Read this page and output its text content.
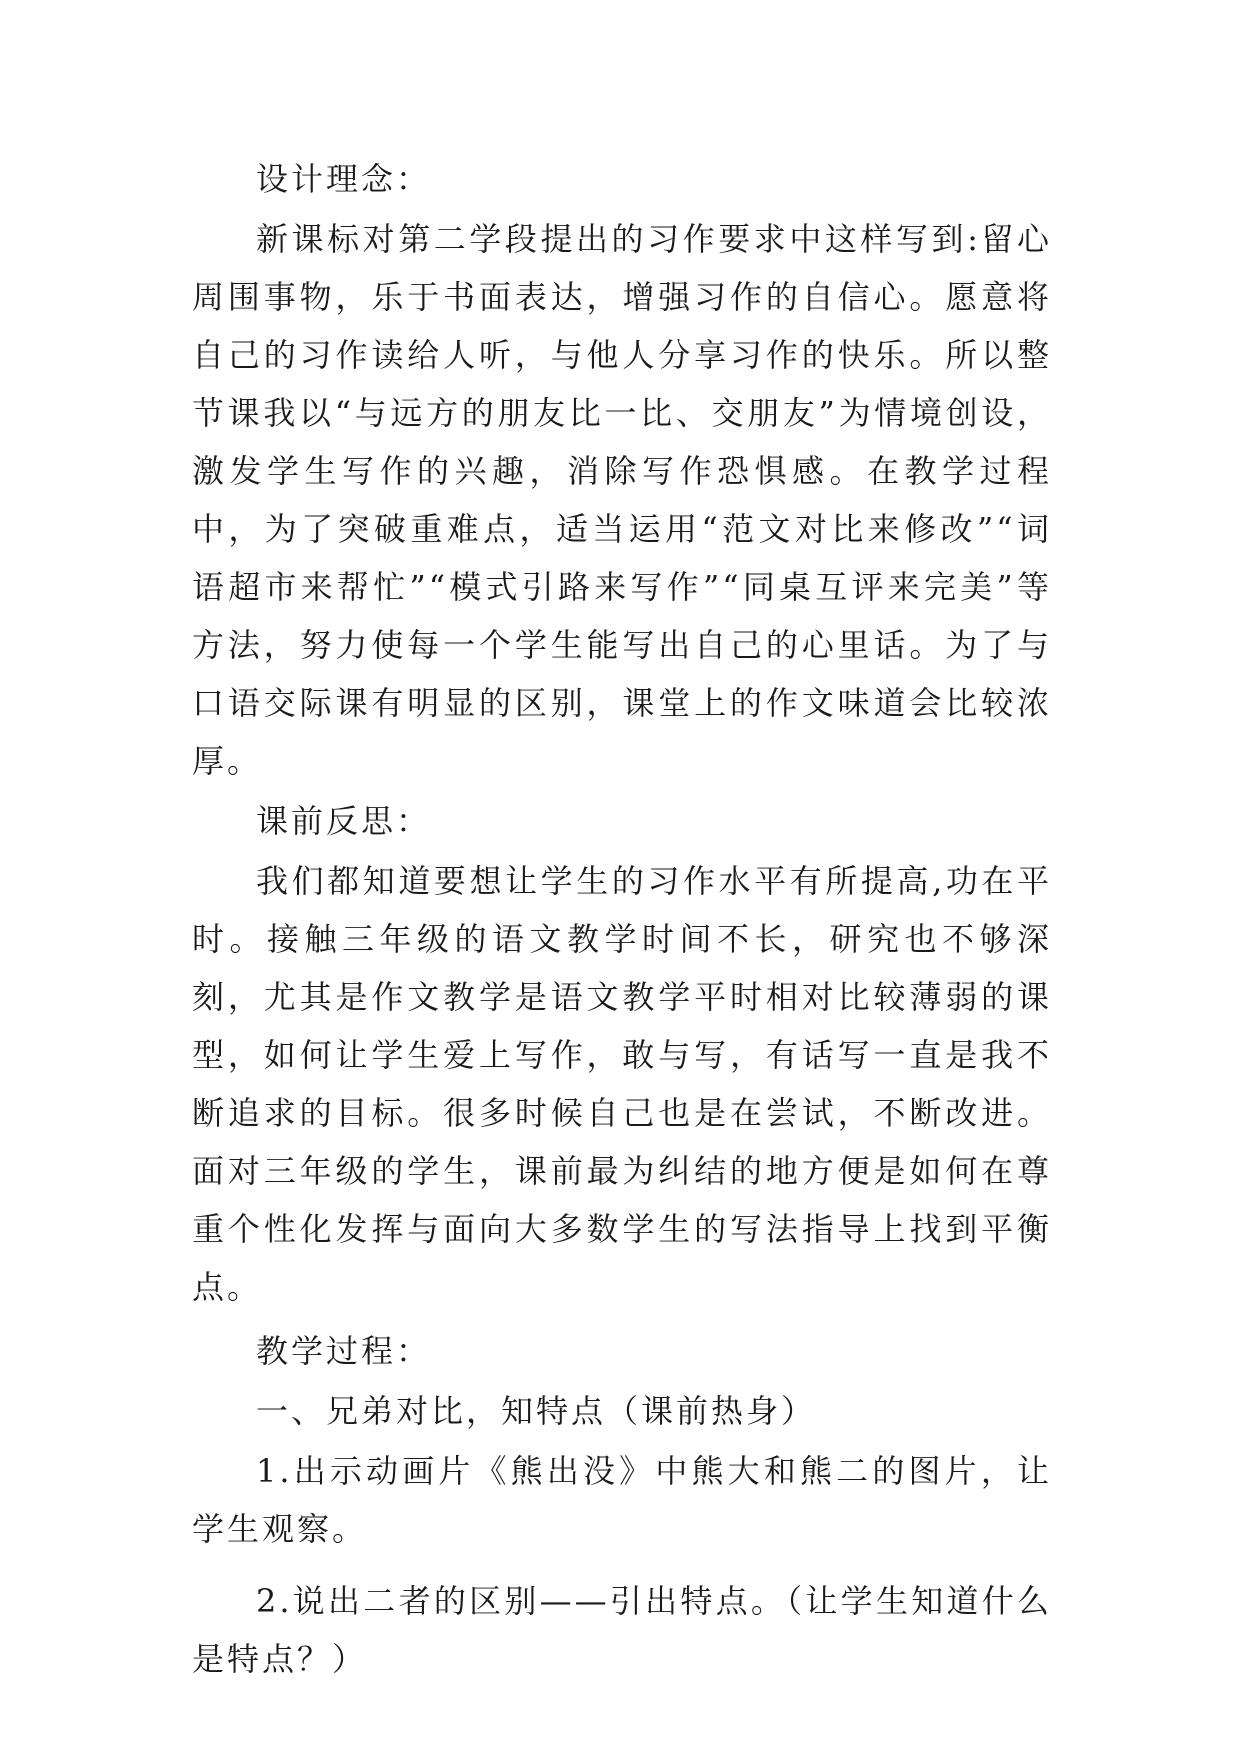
设计理念：

新课标对第二学段提出的习作要求中这样写到:留心周围事物，乐于书面表达，增强习作的自信心。愿意将自己的习作读给人听，与他人分享习作的快乐。所以整节课我以“与远方的朋友比一比、交朋友”为情境创设，激发学生写作的兴趣，消除写作恐惧感。在教学过程中，为了突破重难点，适当运用“范文对比来修改”“词语超市来帮忙”“模式引路来写作”“同桌互评来完美”等方法，努力使每一个学生能写出自己的心里话。为了与口语交际课有明显的区别，课堂上的作文味道会比较浓厚。

课前反思：

我们都知道要想让学生的习作水平有所提高,功在平时。接触三年级的语文教学时间不长，研究也不够深刻，尤其是作文教学是语文教学平时相对比较薄弱的课型，如何让学生爱上写作，敢与写，有话写一直是我不断追求的目标。很多时候自己也是在尝试，不断改进。面对三年级的学生，课前最为纠结的地方便是如何在尊重个性化发挥与面向大多数学生的写法指导上找到平衡点。

教学过程：

一、兄弟对比，知特点（课前热身）

1.出示动画片《熊出没》中熊大和熊二的图片，让学生观察。

2.说出二者的区别——引出特点。（让学生知道什么是特点？）
